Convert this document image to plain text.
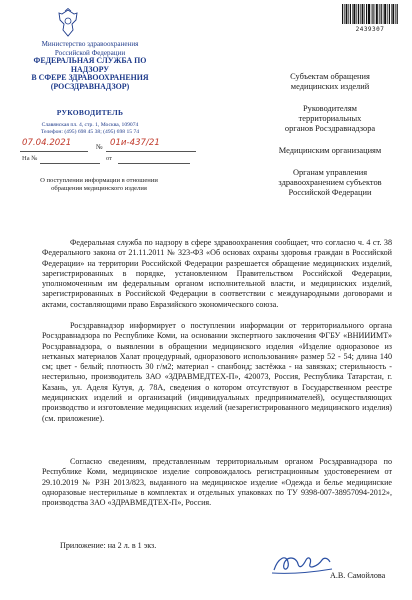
Министерство здравоохранения
Российской Федерации
ФЕДЕРАЛЬНАЯ СЛУЖБА ПО НАДЗОРУ
В СФЕРЕ ЗДРАВООХРАНЕНИЯ
(РОСЗДРАВНАДЗОР)
РУКОВОДИТЕЛЬ
Славянская пл. 4, стр. 1, Москва, 109074
Телефон: (495) 698 45 38; (495) 698 15 74
07.04.2021	№ 01и-437/21
На №	от
О поступлении информации в отношении
обращения медицинского изделия
2439307
Субъектам обращения
медицинских изделий
Руководителям
территориальных
органов Росздравнадзора
Медицинским организациям
Органам управления
здравоохранением субъектов
Российской Федерации
Федеральная служба по надзору в сфере здравоохранения сообщает, что согласно ч. 4 ст. 38 Федерального закона от 21.11.2011 № 323-ФЗ «Об основах охраны здоровья граждан в Российской Федерации» на территории Российской Федерации разрешается обращение медицинских изделий, зарегистрированных в порядке, установленном Правительством Российской Федерации, уполномоченным им федеральным органом исполнительной власти, и медицинских изделий, зарегистрированных в Российской Федерации в соответствии с международными договорами и актами, составляющими право Евразийского экономического союза.
Росздравнадзор информирует о поступлении информации от территориального органа Росздравнадзора по Республике Коми, на основании экспертного заключения ФГБУ «ВНИИИМТ» Росздравнадзора, о выявлении в обращении медицинского изделия «Изделие одноразовое из нетканых материалов Халат процедурный, одноразового использования» размер 52 - 54; длина 140 см; цвет - белый; плотность 30 г/м2; материал - спанбонд; застёжка - на завязках; стерильность - нестерильно, производитель ЗАО «ЗДРАВМЕДТЕХ-П», 420073, Россия, Республика Татарстан, г. Казань, ул. Аделя Кутуя, д. 78А, сведения о котором отсутствуют в Государственном реестре медицинских изделий и организаций (индивидуальных предпринимателей), осуществляющих производство и изготовление медицинских изделий (незарегистрированного медицинского изделия) (см. приложение).
Согласно сведениям, представленным территориальным органом Росздравнадзора по Республике Коми, медицинское изделие сопровождалось регистрационным удостоверением от 29.10.2019 № РЗН 2013/823, выданного на медицинское изделие «Одежда и белье медицинские одноразовые нестерильные в комплектах и отдельных упаковках по ТУ 9398-007-38957094-2012», производства ЗАО «ЗДРАВМЕДТЕХ-П», Россия.
Приложение: на 2 л. в 1 экз.
А.В. Самойлова
